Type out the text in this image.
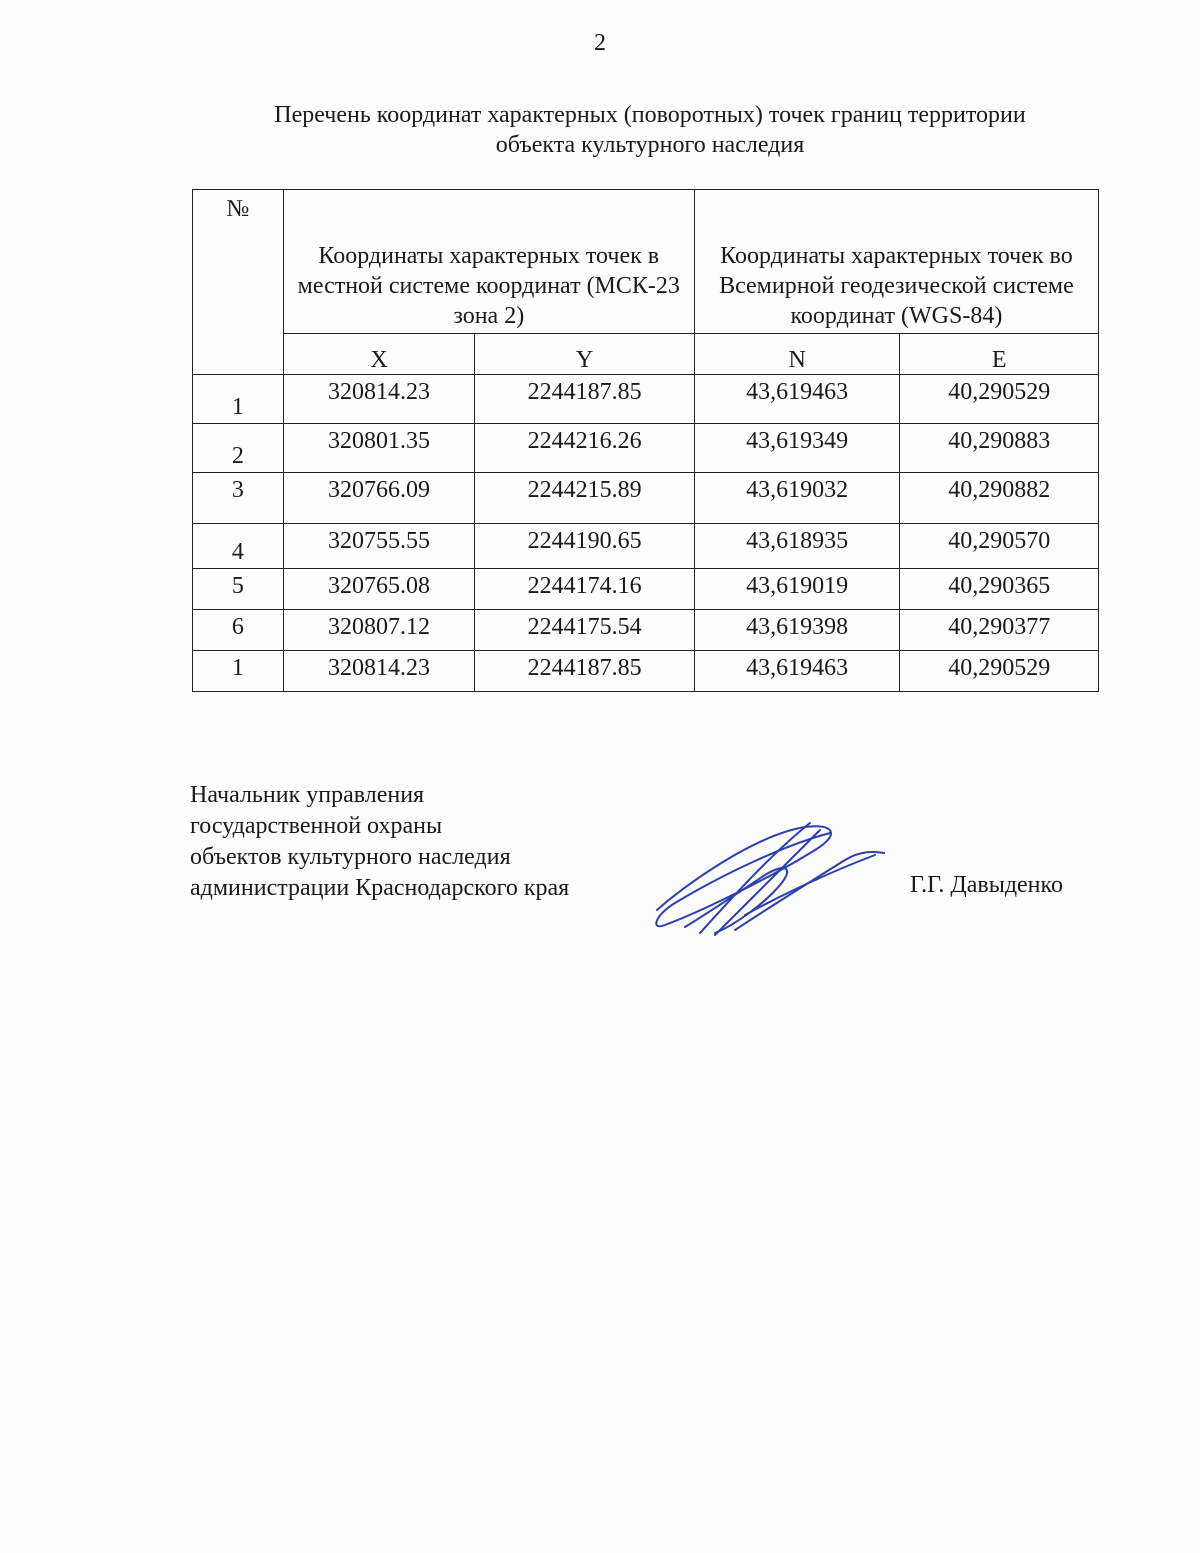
2
Перечень координат характерных (поворотных) точек границ территории
объекта культурного наследия
№	Координаты характерных точек в местной системе координат (МСК-23 зона 2)		Координаты характерных точек во Всемирной геодезической системе координат (WGS-84)	
	X	Y	N	E
1	320814.23	2244187.85	43,619463	40,290529
2	320801.35	2244216.26	43,619349	40,290883
3	320766.09	2244215.89	43,619032	40,290882
4	320755.55	2244190.65	43,618935	40,290570
5	320765.08	2244174.16	43,619019	40,290365
6	320807.12	2244175.54	43,619398	40,290377
1	320814.23	2244187.85	43,619463	40,290529
Начальник управления
государственной охраны
объектов культурного наследия
администрации Краснодарского края	Г.Г. Давыденко
